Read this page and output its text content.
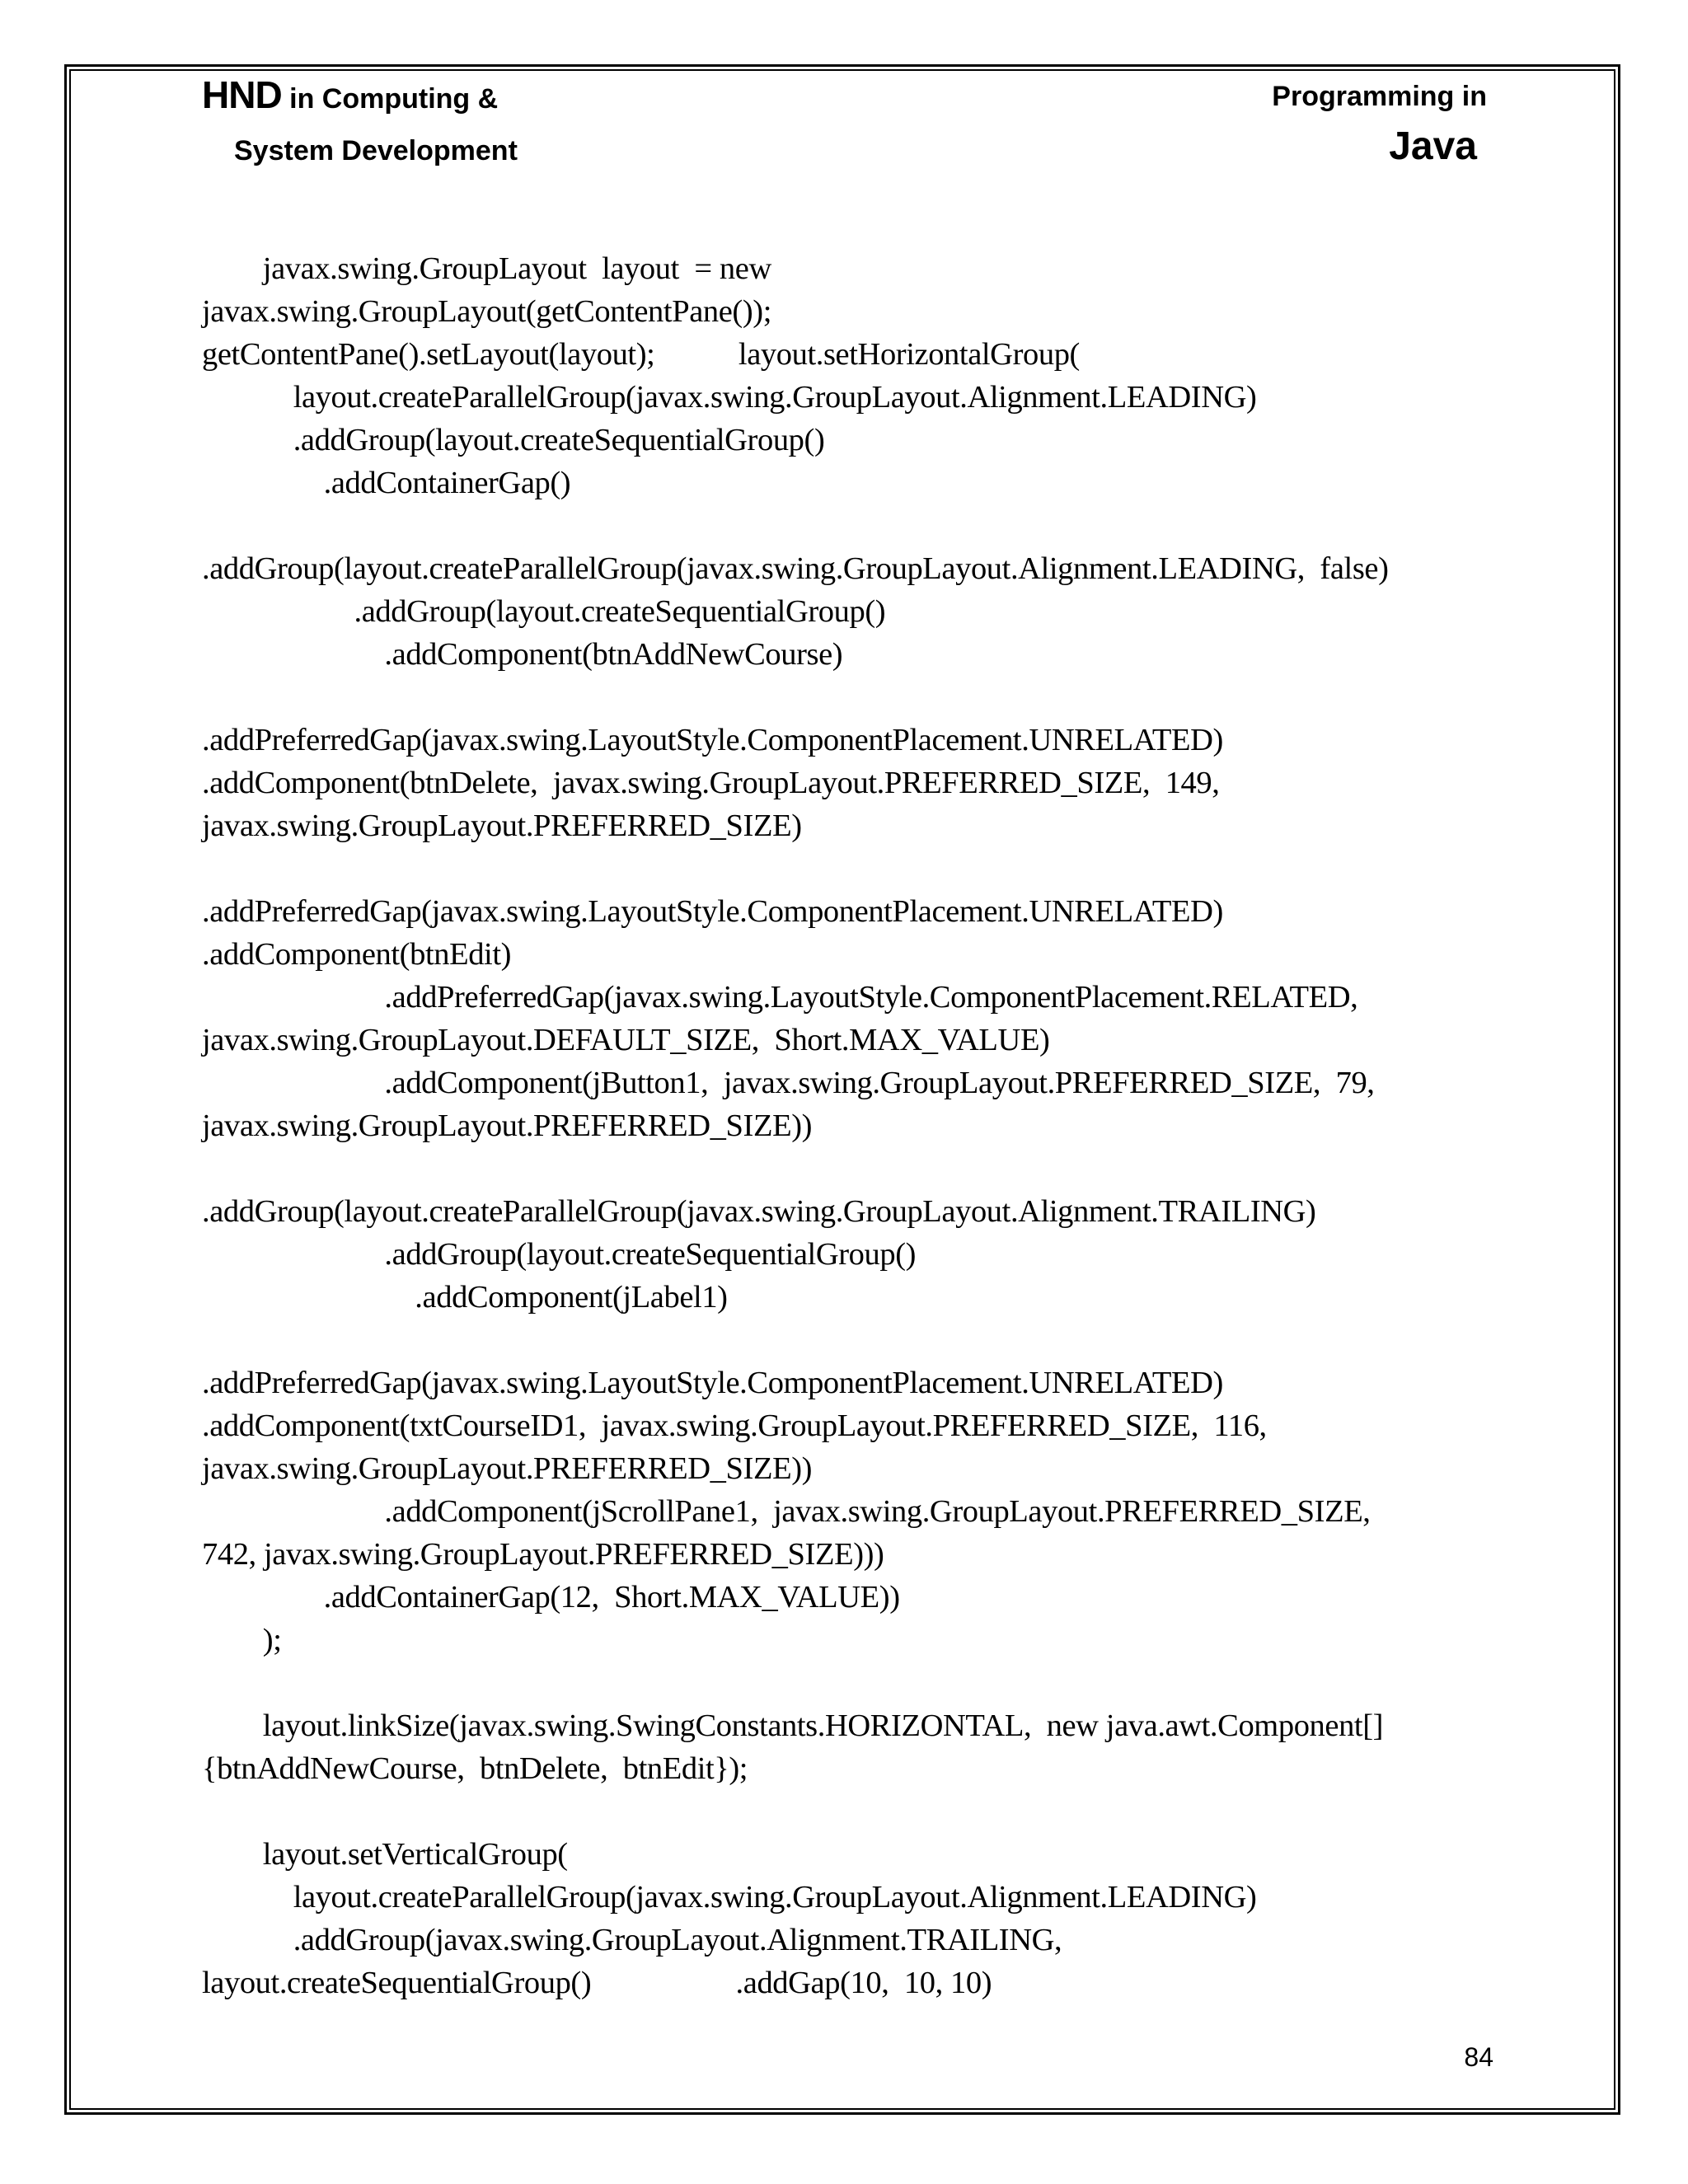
HND in Computing &
System Development
Programming in
Java
javax.swing.GroupLayout  layout  = new
javax.swing.GroupLayout(getContentPane());
getContentPane().setLayout(layout);           layout.setHorizontalGroup(
layout.createParallelGroup(javax.swing.GroupLayout.Alignment.LEADING)
.addGroup(layout.createSequentialGroup()
.addContainerGap()
.addGroup(layout.createParallelGroup(javax.swing.GroupLayout.Alignment.LEADING,  false)
.addGroup(layout.createSequentialGroup()
.addComponent(btnAddNewCourse)
.addPreferredGap(javax.swing.LayoutStyle.ComponentPlacement.UNRELATED)
.addComponent(btnDelete,  javax.swing.GroupLayout.PREFERRED_SIZE,  149,
javax.swing.GroupLayout.PREFERRED_SIZE)
.addPreferredGap(javax.swing.LayoutStyle.ComponentPlacement.UNRELATED)
.addComponent(btnEdit)
.addPreferredGap(javax.swing.LayoutStyle.ComponentPlacement.RELATED,
javax.swing.GroupLayout.DEFAULT_SIZE,  Short.MAX_VALUE)
.addComponent(jButton1,  javax.swing.GroupLayout.PREFERRED_SIZE,  79,
javax.swing.GroupLayout.PREFERRED_SIZE))
.addGroup(layout.createParallelGroup(javax.swing.GroupLayout.Alignment.TRAILING)
.addGroup(layout.createSequentialGroup()
.addComponent(jLabel1)
.addPreferredGap(javax.swing.LayoutStyle.ComponentPlacement.UNRELATED)
.addComponent(txtCourseID1,  javax.swing.GroupLayout.PREFERRED_SIZE,  116,
javax.swing.GroupLayout.PREFERRED_SIZE))
.addComponent(jScrollPane1,  javax.swing.GroupLayout.PREFERRED_SIZE,
742, javax.swing.GroupLayout.PREFERRED_SIZE)))
.addContainerGap(12,  Short.MAX_VALUE))
);
layout.linkSize(javax.swing.SwingConstants.HORIZONTAL,  new java.awt.Component[]
{btnAddNewCourse,  btnDelete,  btnEdit});
layout.setVerticalGroup(
layout.createParallelGroup(javax.swing.GroupLayout.Alignment.LEADING)
.addGroup(javax.swing.GroupLayout.Alignment.TRAILING,
layout.createSequentialGroup()                   .addGap(10,  10, 10)
84
